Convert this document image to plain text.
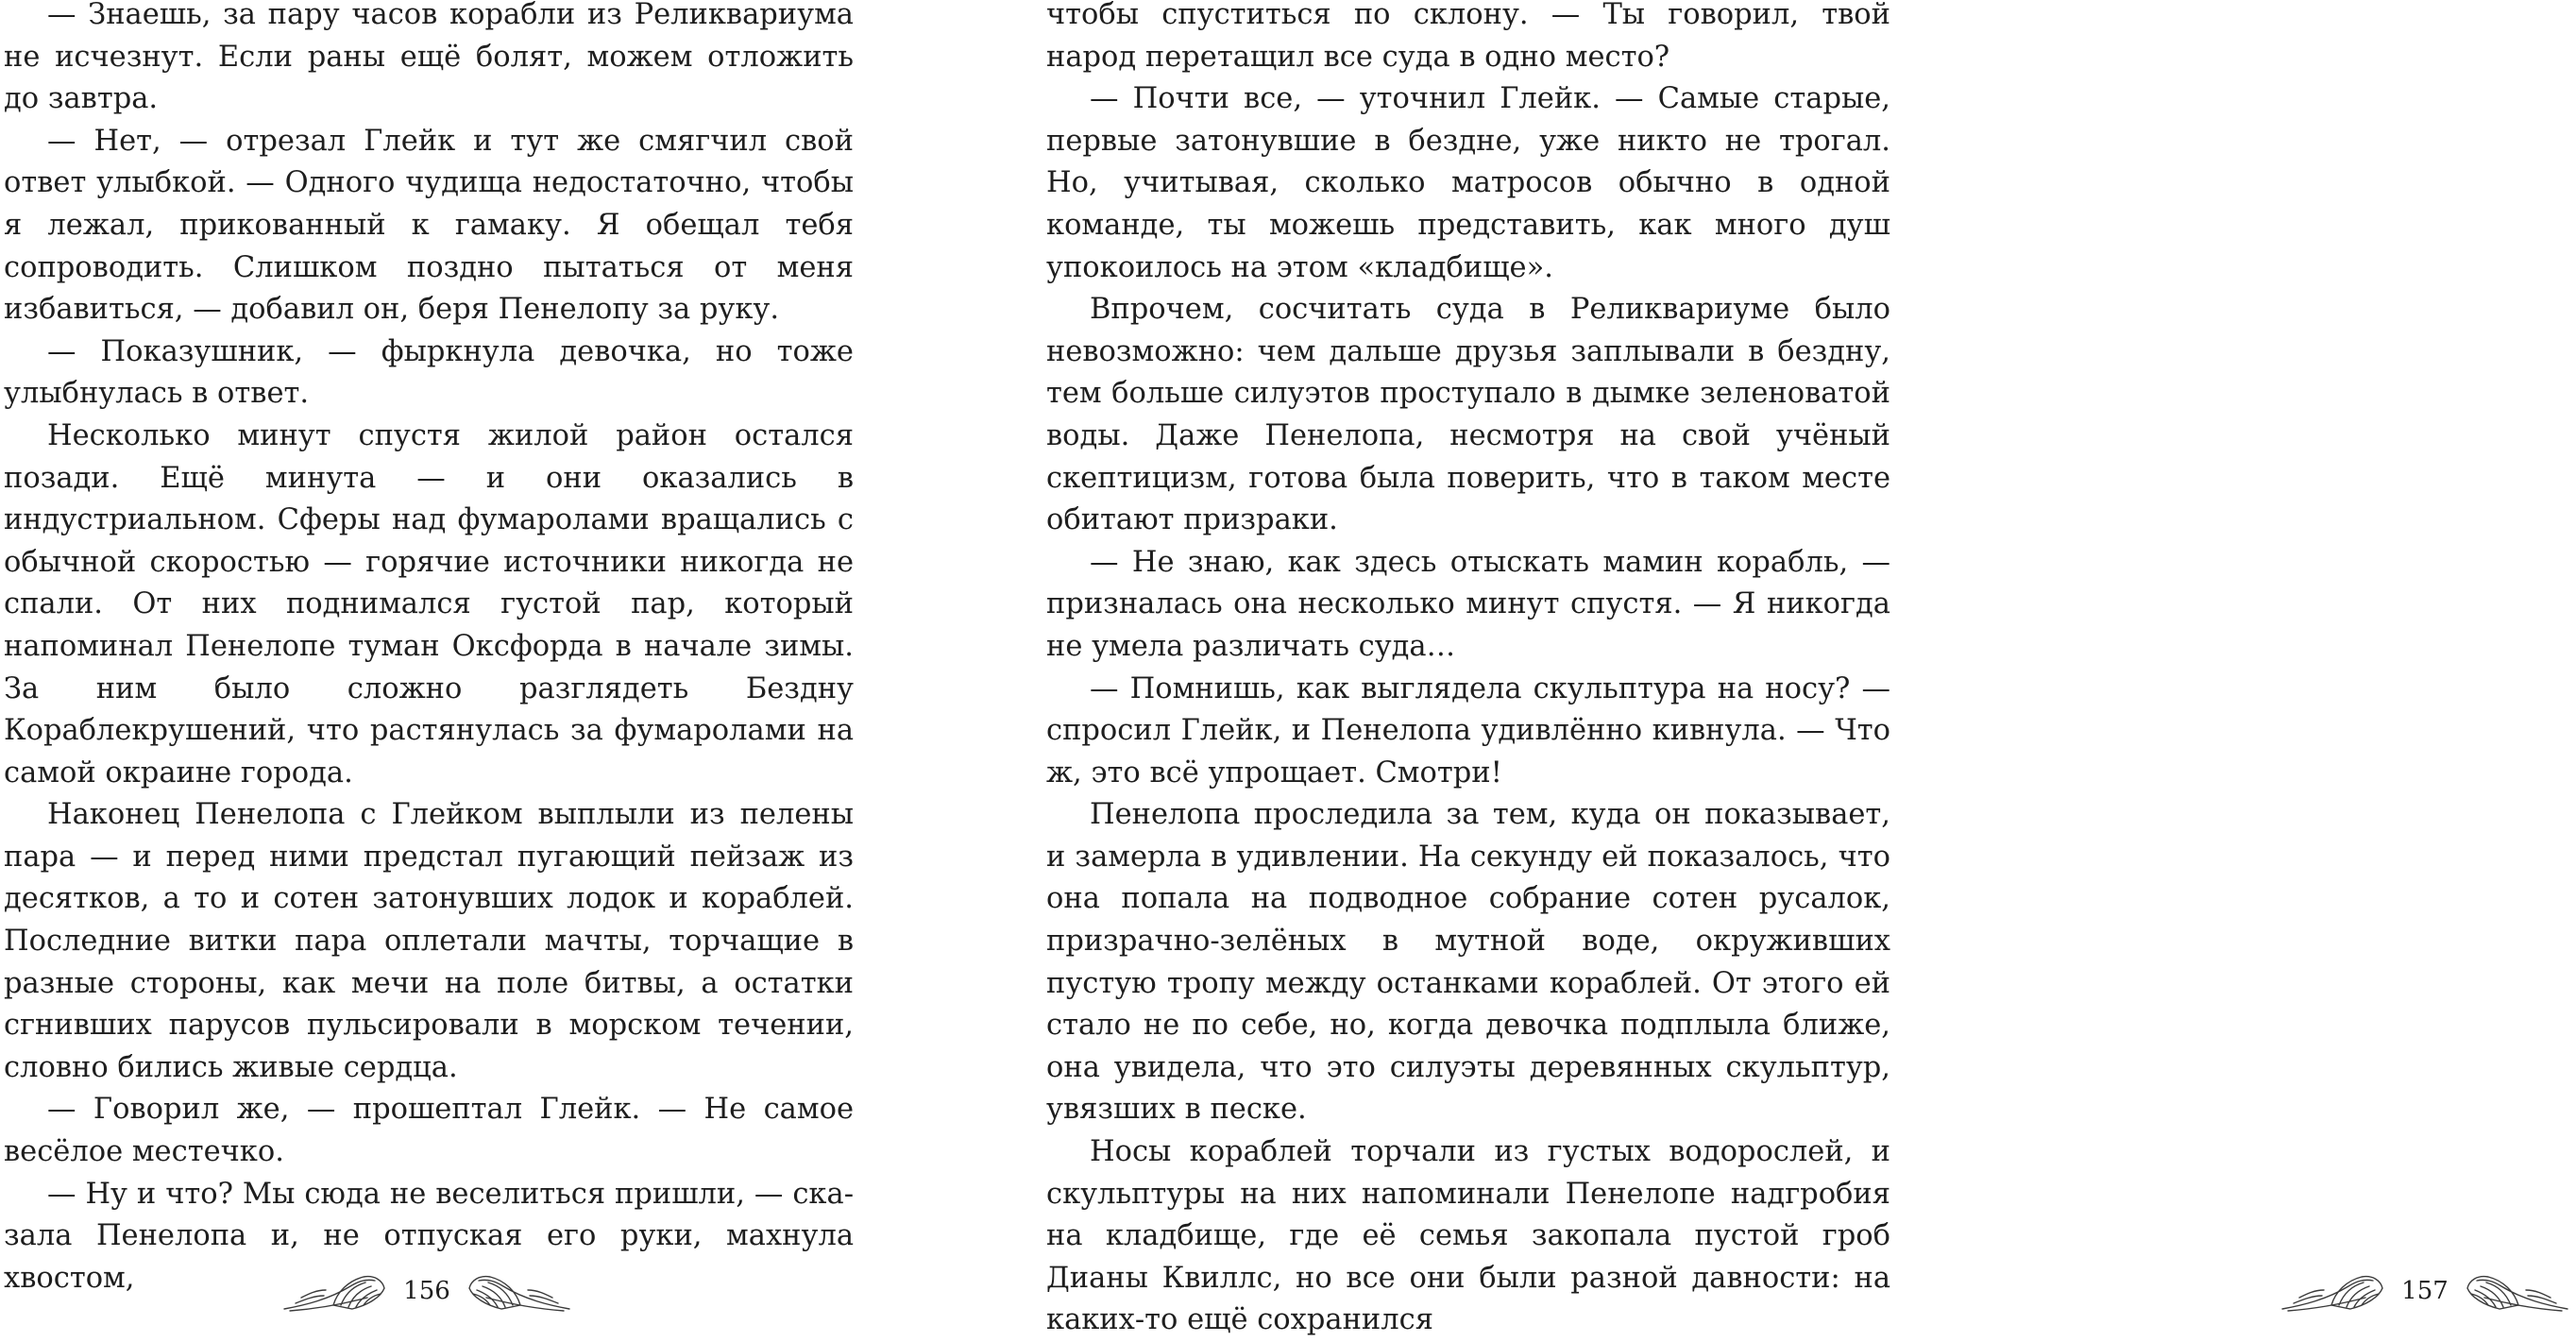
— Знаешь, за пару часов корабли из Реликвариума не исчезнут. Если раны ещё болят, можем отложить до завтра.

— Нет, — отрезал Глейк и тут же смягчил свой ответ улыбкой. — Одного чудища недостаточно, чтобы я лежал, прикованный к гамаку. Я обещал тебя сопроводить. Слишком поздно пытаться от меня избавиться, — добавил он, беря Пенелопу за руку.

— Показушник, — фыркнула девочка, но тоже улыбнулась в ответ.

Несколько минут спустя жилой район остался позади. Ещё минута — и они оказались в индустриальном. Сферы над фумаролами вращались с обычной скоростью — горячие источники никогда не спали. От них поднимался густой пар, который напоминал Пенелопе туман Оксфорда в начале зимы. За ним было сложно разглядеть Бездну Кораблекрушений, что растянулась за фумаролами на самой окраине города.

Наконец Пенелопа с Глейком выплыли из пелены пара — и перед ними предстал пугающий пейзаж из десятков, а то и сотен затонувших лодок и кораблей. Последние витки пара оплетали мачты, торчащие в разные стороны, как мечи на поле битвы, а остатки сгнивших парусов пульсировали в морском течении, словно бились живые сердца.

— Говорил же, — прошептал Глейк. — Не самое весёлое местечко.

— Ну и что? Мы сюда не веселиться пришли, — сказала Пенелопа и, не отпуская его руки, махнула хвостом,	156

чтобы спуститься по склону. — Ты говорил, твой народ перетащил все суда в одно место?

— Почти все, — уточнил Глейк. — Самые старые, первые затонувшие в бездне, уже никто не трогал. Но, учитывая, сколько матросов обычно в одной команде, ты можешь представить, как много душ упокоилось на этом «кладбище».

Впрочем, сосчитать суда в Реликвариуме было невозможно: чем дальше друзья заплывали в бездну, тем больше силуэтов проступало в дымке зеленоватой воды. Даже Пенелопа, несмотря на свой учёный скептицизм, готова была поверить, что в таком месте обитают призраки.

— Не знаю, как здесь отыскать мамин корабль, — призналась она несколько минут спустя. — Я никогда не умела различать суда…

— Помнишь, как выглядела скульптура на носу? — спросил Глейк, и Пенелопа удивлённо кивнула. — Что ж, это всё упрощает. Смотри!

Пенелопа проследила за тем, куда он показывает, и замерла в удивлении. На секунду ей показалось, что она попала на подводное собрание сотен русалок, призрачно-зелёных в мутной воде, окруживших пустую тропу между останками кораблей. От этого ей стало не по себе, но, когда девочка подплыла ближе, она увидела, что это силуэты деревянных скульптур, увязших в песке.

Носы кораблей торчали из густых водорослей, и скульптуры на них напоминали Пенелопе надгробия на кладбище, где её семья закопала пустой гроб Дианы Квиллс, но все они были разной давности: на каких-то ещё сохранился

157
